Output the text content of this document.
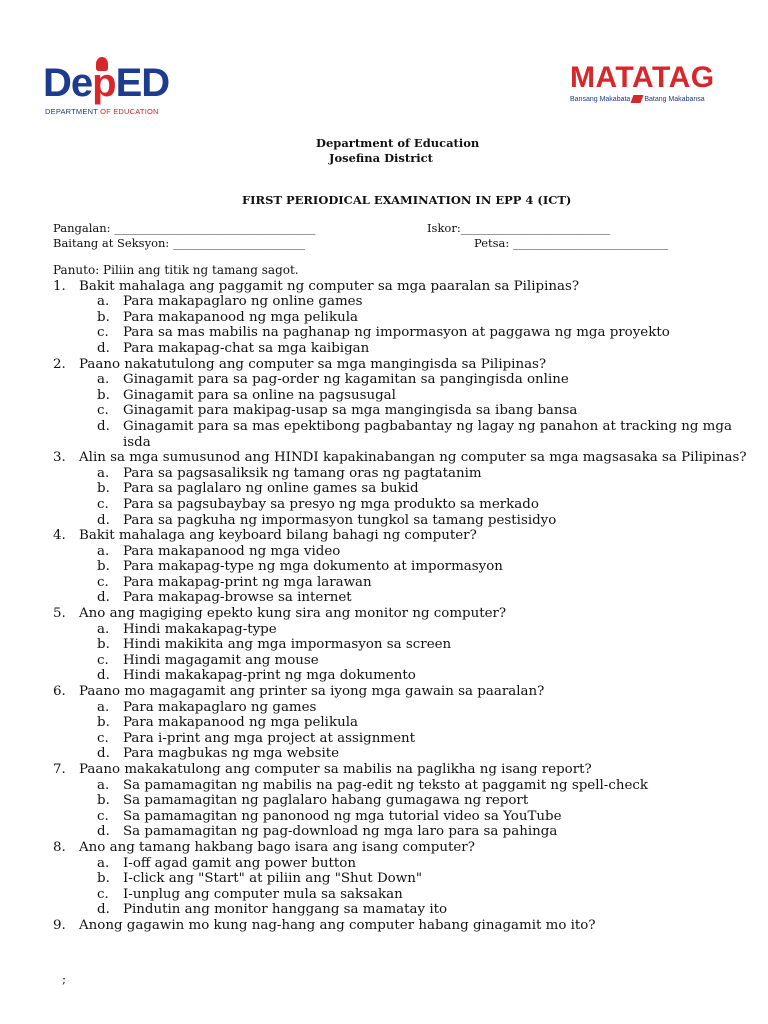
DepED
DEPARTMENT OF EDUCATION
MATATAG
Bansang Makabata Batang Makabansa
Department of Education
Josefina District
FIRST PERIODICAL EXAMINATION IN EPP 4 (ICT)
Pangalan: ___________________________________	Iskor:__________________________
Baitang at Seksyon: _______________________	Petsa: ___________________________
Panuto: Piliin ang titik ng tamang sagot.
1. Bakit mahalaga ang paggamit ng computer sa mga paaralan sa Pilipinas?
a. Para makapaglaro ng online games
b. Para makapanood ng mga pelikula
c. Para sa mas mabilis na paghanap ng impormasyon at paggawa ng mga proyekto
d. Para makapag-chat sa mga kaibigan
2. Paano nakatutulong ang computer sa mga mangingisda sa Pilipinas?
a. Ginagamit para sa pag-order ng kagamitan sa pangingisda online
b. Ginagamit para sa online na pagsusugal
c. Ginagamit para makipag-usap sa mga mangingisda sa ibang bansa
d. Ginagamit para sa mas epektibong pagbabantay ng lagay ng panahon at tracking ng mga isda
3. Alin sa mga sumusunod ang HINDI kapakinabangan ng computer sa mga magsasaka sa Pilipinas?
a. Para sa pagsasaliksik ng tamang oras ng pagtatanim
b. Para sa paglalaro ng online games sa bukid
c. Para sa pagsubaybay sa presyo ng mga produkto sa merkado
d. Para sa pagkuha ng impormasyon tungkol sa tamang pestisidyo
4. Bakit mahalaga ang keyboard bilang bahagi ng computer?
a. Para makapanood ng mga video
b. Para makapag-type ng mga dokumento at impormasyon
c. Para makapag-print ng mga larawan
d. Para makapag-browse sa internet
5. Ano ang magiging epekto kung sira ang monitor ng computer?
a. Hindi makakapag-type
b. Hindi makikita ang mga impormasyon sa screen
c. Hindi magagamit ang mouse
d. Hindi makakapag-print ng mga dokumento
6. Paano mo magagamit ang printer sa iyong mga gawain sa paaralan?
a. Para makapaglaro ng games
b. Para makapanood ng mga pelikula
c. Para i-print ang mga project at assignment
d. Para magbukas ng mga website
7. Paano makakatulong ang computer sa mabilis na paglikha ng isang report?
a. Sa pamamagitan ng mabilis na pag-edit ng teksto at paggamit ng spell-check
b. Sa pamamagitan ng paglalaro habang gumagawa ng report
c. Sa pamamagitan ng panonood ng mga tutorial video sa YouTube
d. Sa pamamagitan ng pag-download ng mga laro para sa pahinga
8. Ano ang tamang hakbang bago isara ang isang computer?
a. I-off agad gamit ang power button
b. I-click ang "Start" at piliin ang "Shut Down"
c. I-unplug ang computer mula sa saksakan
d. Pindutin ang monitor hanggang sa mamatay ito
9. Anong gagawin mo kung nag-hang ang computer habang ginagamit mo ito?
;
